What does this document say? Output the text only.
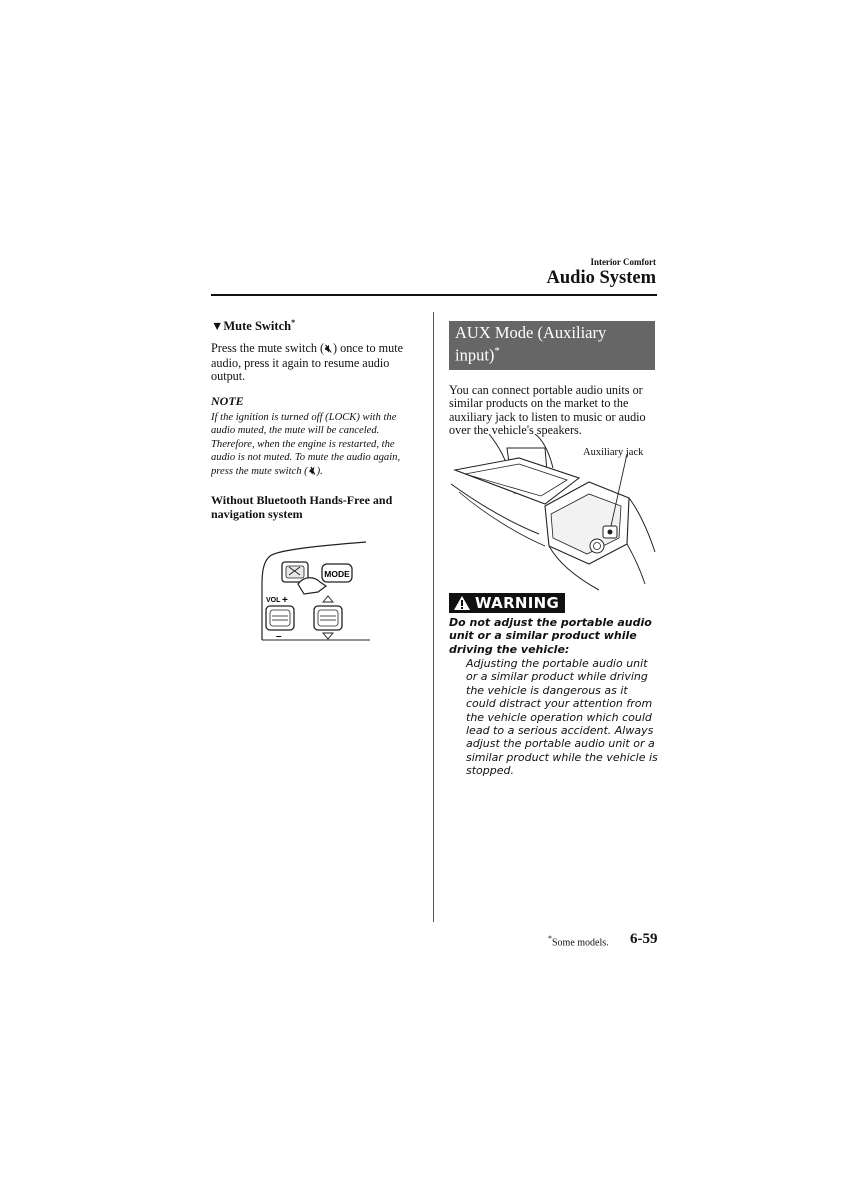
Interior Comfort
Audio System

▼Mute Switch*

Press the mute switch (🔇︎) once to mute audio, press it again to resume audio output.

NOTE

If the ignition is turned off (LOCK) with the audio muted, the mute will be canceled. Therefore, when the engine is restarted, the audio is not muted. To mute the audio again, press the mute switch (🔇︎).

Without Bluetooth Hands-Free and navigation system
MODE
VOL +
–
AUX Mode (Auxiliary input)*
You can connect portable audio units or similar products on the market to the auxiliary jack to listen to music or audio over the vehicle's speakers.
Auxiliary jack
WARNING
Do not adjust the portable audio unit or a similar product while driving the vehicle:
Adjusting the portable audio unit or a similar product while driving the vehicle is dangerous as it could distract your attention from the vehicle operation which could lead to a serious accident. Always adjust the portable audio unit or a similar product while the vehicle is stopped.
*Some models. 6-59
